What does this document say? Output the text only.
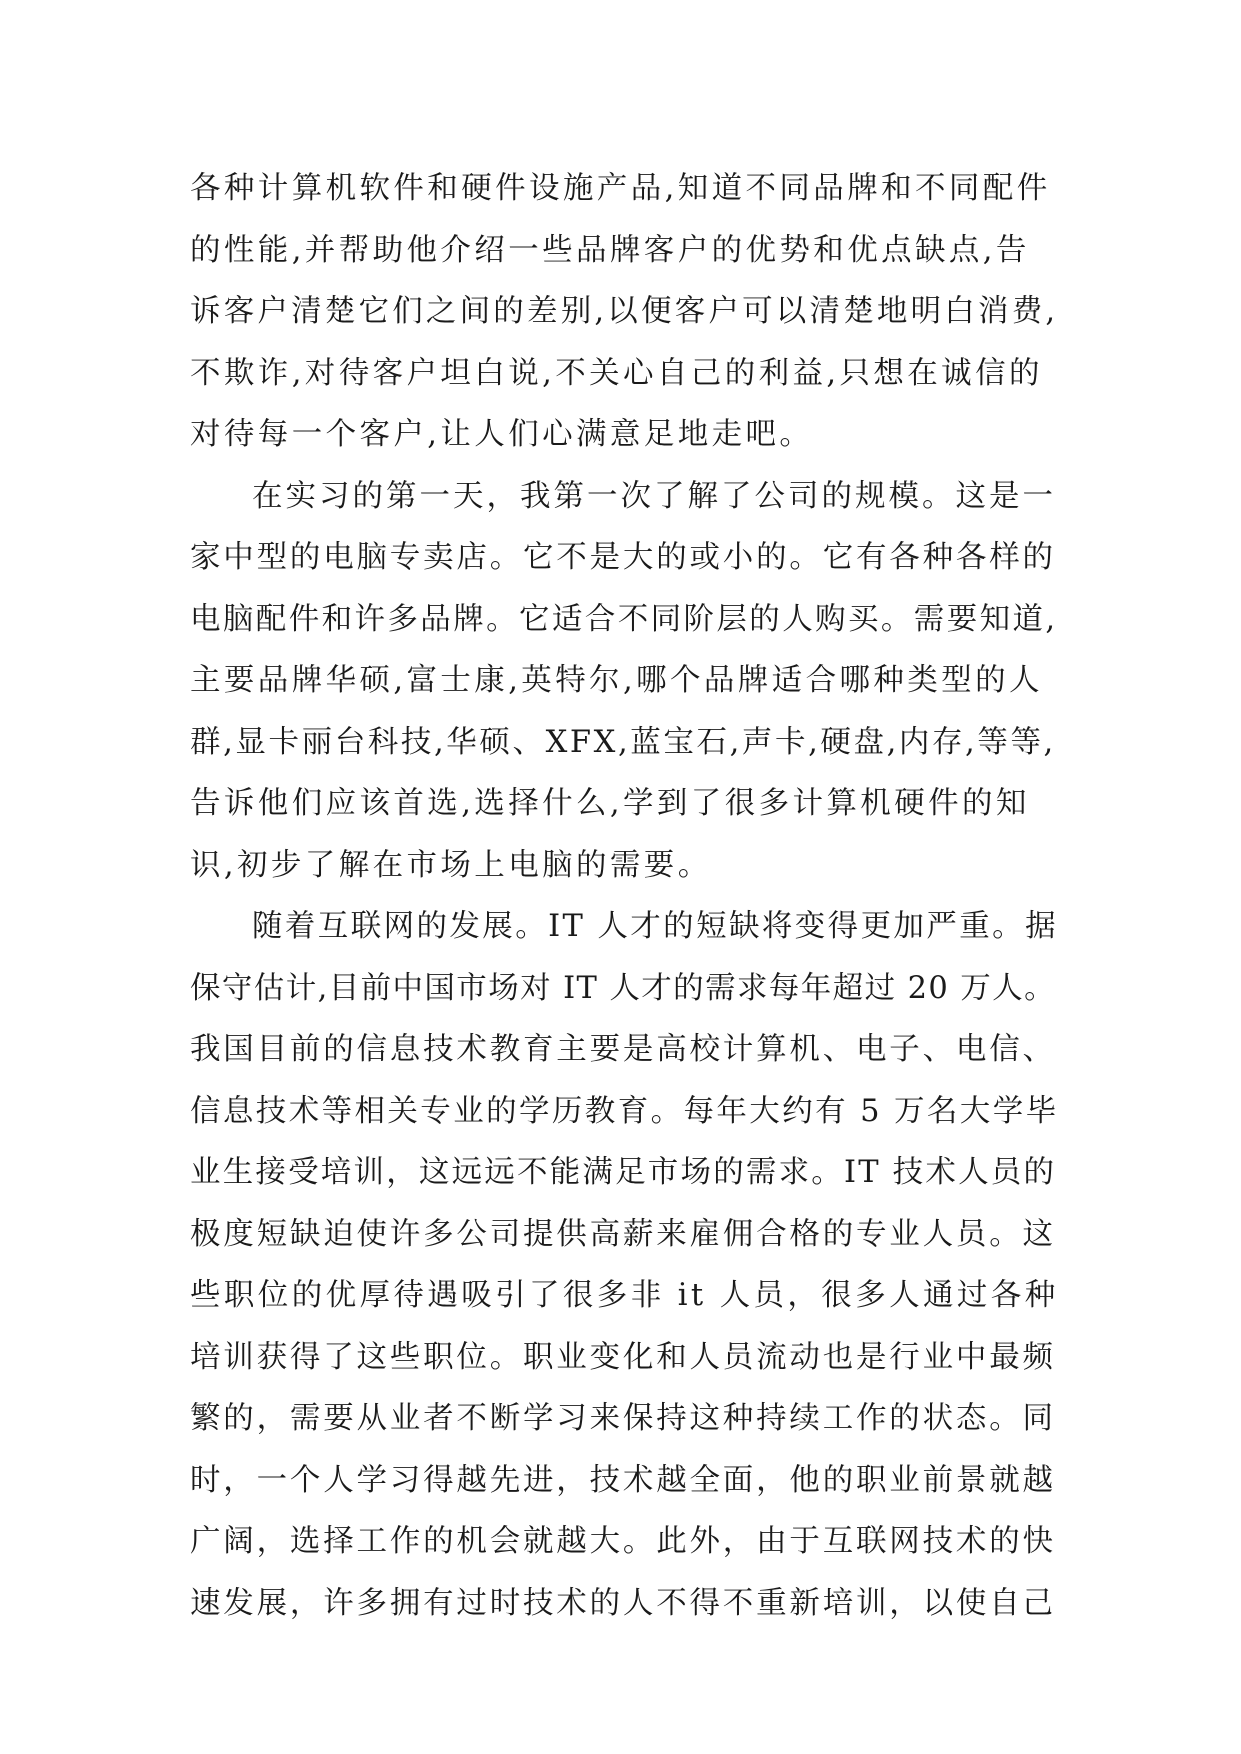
各种计算机软件和硬件设施产品,知道不同品牌和不同配件
的性能,并帮助他介绍一些品牌客户的优势和优点缺点,告
诉客户清楚它们之间的差别,以便客户可以清楚地明白消费,
不欺诈,对待客户坦白说,不关心自己的利益,只想在诚信的
对待每一个客户,让人们心满意足地走吧。
在实习的第一天，我第一次了解了公司的规模。这是一
家中型的电脑专卖店。它不是大的或小的。它有各种各样的
电脑配件和许多品牌。它适合不同阶层的人购买。需要知道,
主要品牌华硕,富士康,英特尔,哪个品牌适合哪种类型的人
群,显卡丽台科技,华硕、XFX,蓝宝石,声卡,硬盘,内存,等等,
告诉他们应该首选,选择什么,学到了很多计算机硬件的知
识,初步了解在市场上电脑的需要。
随着互联网的发展。IT 人才的短缺将变得更加严重。据
保守估计,目前中国市场对 IT 人才的需求每年超过 20 万人。
我国目前的信息技术教育主要是高校计算机、电子、电信、
信息技术等相关专业的学历教育。每年大约有 5 万名大学毕
业生接受培训，这远远不能满足市场的需求。IT 技术人员的
极度短缺迫使许多公司提供高薪来雇佣合格的专业人员。这
些职位的优厚待遇吸引了很多非 it 人员，很多人通过各种
培训获得了这些职位。职业变化和人员流动也是行业中最频
繁的，需要从业者不断学习来保持这种持续工作的状态。同
时，一个人学习得越先进，技术越全面，他的职业前景就越
广阔，选择工作的机会就越大。此外，由于互联网技术的快
速发展，许多拥有过时技术的人不得不重新培训，以使自己
